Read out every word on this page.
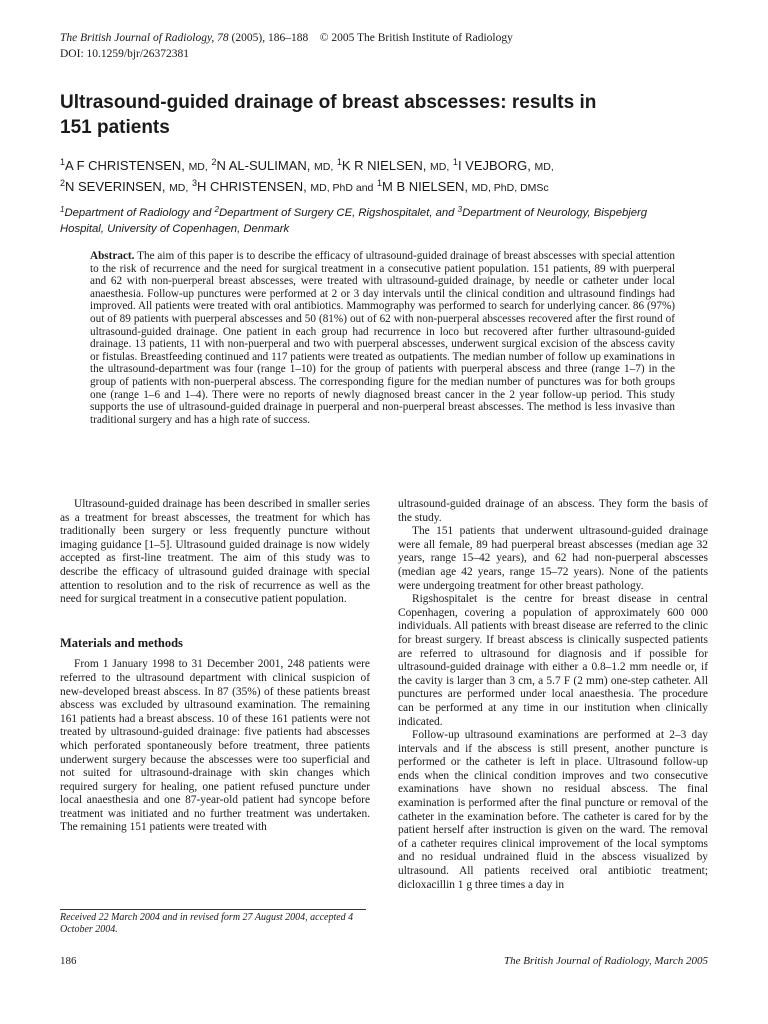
The British Journal of Radiology, 78 (2005), 186–188 © 2005 The British Institute of Radiology
DOI: 10.1259/bjr/26372381
Ultrasound-guided drainage of breast abscesses: results in
151 patients
$^1$A F CHRISTENSEN, MD, $^2$N AL-SULIMAN, MD, $^1$K R NIELSEN, MD, $^1$I VEJBORG, MD,
$^2$N SEVERINSEN, MD, $^3$H CHRISTENSEN, MD, PhD and $^1$M B NIELSEN, MD, PhD, DMSc
$^1$Department of Radiology and $^2$Department of Surgery CE, Rigshospitalet, and $^3$Department of Neurology, Bispebjerg
Hospital, University of Copenhagen, Denmark
Abstract. The aim of this paper is to describe the efficacy of ultrasound-guided drainage of breast abscesses with special attention to the risk of recurrence and the need for surgical treatment in a consecutive patient population. 151 patients, 89 with puerperal and 62 with non-puerperal breast abscesses, were treated with ultrasound-guided drainage, by needle or catheter under local anaesthesia. Follow-up punctures were performed at 2 or 3 day intervals until the clinical condition and ultrasound findings had improved. All patients were treated with oral antibiotics. Mammography was performed to search for underlying cancer. 86 (97%) out of 89 patients with puerperal abscesses and 50 (81%) out of 62 with non-puerperal abscesses recovered after the first round of ultrasound-guided drainage. One patient in each group had recurrence in loco but recovered after further ultrasound-guided drainage. 13 patients, 11 with non-puerperal and two with puerperal abscesses, underwent surgical excision of the abscess cavity or fistulas. Breastfeeding continued and 117 patients were treated as outpatients. The median number of follow up examinations in the ultrasound-department was four (range 1–10) for the group of patients with puerperal abscess and three (range 1–7) in the group of patients with non-puerperal abscess. The corresponding figure for the median number of punctures was for both groups one (range 1–6 and 1–4). There were no reports of newly diagnosed breast cancer in the 2 year follow-up period. This study supports the use of ultrasound-guided drainage in puerperal and non-puerperal breast abscesses. The method is less invasive than traditional surgery and has a high rate of success.

Ultrasound-guided drainage has been described in smaller series as a treatment for breast abscesses, the treatment for which has traditionally been surgery or less frequently puncture without imaging guidance [1–5]. Ultrasound guided drainage is now widely accepted as first-line treatment. The aim of this study was to describe the efficacy of ultrasound guided drainage with special attention to resolution and to the risk of recurrence as well as the need for surgical treatment in a consecutive patient population.

Materials and methods

From 1 January 1998 to 31 December 2001, 248 patients were referred to the ultrasound department with clinical suspicion of new-developed breast abscess. In 87 (35%) of these patients breast abscess was excluded by ultrasound examination. The remaining 161 patients had a breast abscess. 10 of these 161 patients were not treated by ultrasound-guided drainage: five patients had abscesses which perforated spontaneously before treatment, three patients underwent surgery because the abscesses were too superficial and not suited for ultrasound-drainage with skin changes which required surgery for healing, one patient refused puncture under local anaesthesia and one 87-year-old patient had syncope before treatment was initiated and no further treatment was undertaken. The remaining 151 patients were treated with

ultrasound-guided drainage of an abscess. They form the basis of the study.

The 151 patients that underwent ultrasound-guided drainage were all female, 89 had puerperal breast abscesses (median age 32 years, range 15–42 years), and 62 had non-puerperal abscesses (median age 42 years, range 15–72 years). None of the patients were undergoing treatment for other breast pathology.

Rigshospitalet is the centre for breast disease in central Copenhagen, covering a population of approximately 600 000 individuals. All patients with breast disease are referred to the clinic for breast surgery. If breast abscess is clinically suspected patients are referred to ultrasound for diagnosis and if possible for ultrasound-guided drainage with either a 0.8–1.2 mm needle or, if the cavity is larger than 3 cm, a 5.7 F (2 mm) one-step catheter. All punctures are performed under local anaesthesia. The procedure can be performed at any time in our institution when clinically indicated.

Follow-up ultrasound examinations are performed at 2–3 day intervals and if the abscess is still present, another puncture is performed or the catheter is left in place. Ultrasound follow-up ends when the clinical condition improves and two consecutive examinations have shown no residual abscess. The final examination is performed after the final puncture or removal of the catheter in the examination before. The catheter is cared for by the patient herself after instruction is given on the ward. The removal of a catheter requires clinical improvement of the local symptoms and no residual undrained fluid in the abscess visualized by ultrasound. All patients received oral antibiotic treatment; dicloxacillin 1 g three times a day in

Received 22 March 2004 and in revised form 27 August 2004, accepted 4 October 2004.
186	The British Journal of Radiology, March 2005
